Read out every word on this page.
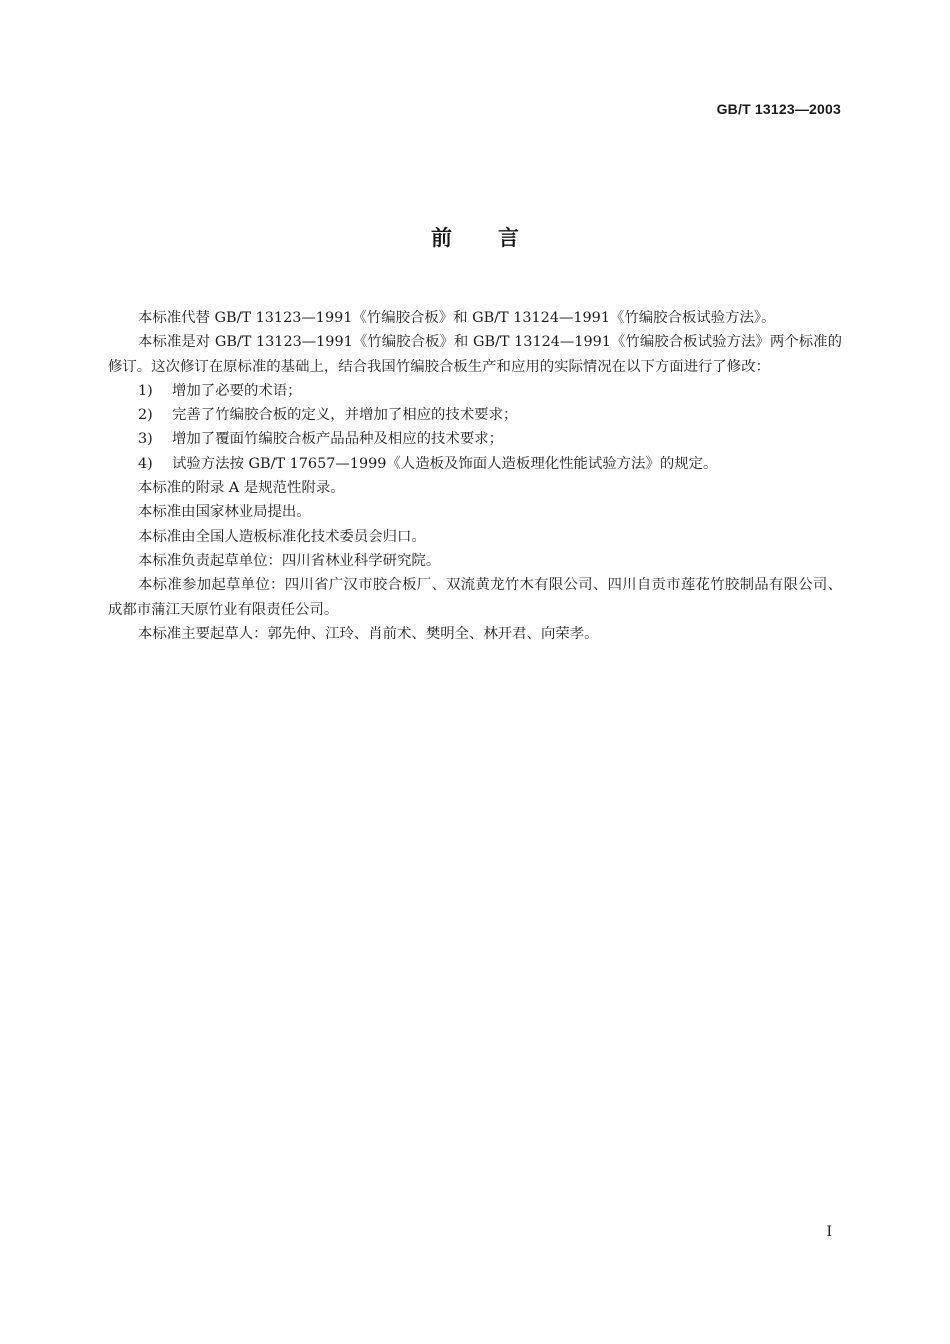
GB/T 13123—2003
前言

本标准代替 GB/T 13123—1991《竹编胶合板》和 GB/T 13124—1991《竹编胶合板试验方法》。

本标准是对 GB/T 13123—1991《竹编胶合板》和 GB/T 13124—1991《竹编胶合板试验方法》两个标准的修订。这次修订在原标准的基础上，结合我国竹编胶合板生产和应用的实际情况在以下方面进行了修改：

1) 增加了必要的术语；

2) 完善了竹编胶合板的定义，并增加了相应的技术要求；

3) 增加了覆面竹编胶合板产品品种及相应的技术要求；

4) 试验方法按 GB/T 17657—1999《人造板及饰面人造板理化性能试验方法》的规定。

本标准的附录 A 是规范性附录。

本标准由国家林业局提出。

本标准由全国人造板标准化技术委员会归口。

本标准负责起草单位：四川省林业科学研究院。

本标准参加起草单位：四川省广汉市胶合板厂、双流黄龙竹木有限公司、四川自贡市莲花竹胶制品有限公司、成都市蒲江天原竹业有限责任公司。

本标准主要起草人：郭先仲、江玲、肖前术、樊明全、林开君、向荣孝。

I
